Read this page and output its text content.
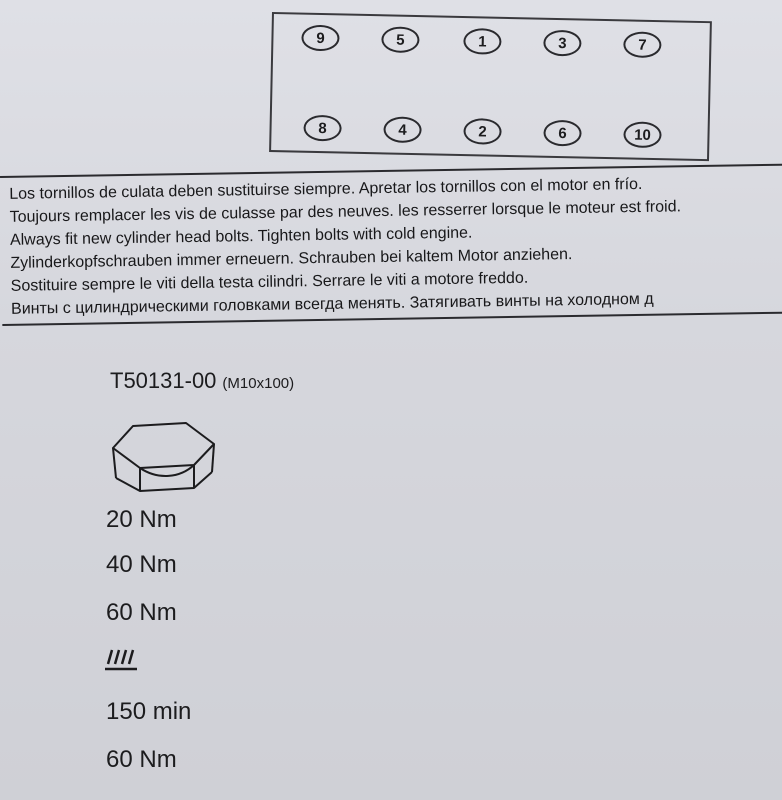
9	5	1	3	7
8	4	2	6	10
Los tornillos de culata deben sustituirse siempre. Apretar los tornillos con el motor en frío.
Toujours remplacer les vis de culasse par des neuves. les resserrer lorsque le moteur est froid.
Always fit new cylinder head bolts. Tighten bolts with cold engine.
Zylinderkopfschrauben immer erneuern. Schrauben bei kaltem Motor anziehen.
Sostituire sempre le viti della testa cilindri. Serrare le viti a motore freddo.
Винты с цилиндрическими головками всегда менять. Затягивать винты на холодном д
T50131-00 (M10x100)
20 Nm
40 Nm
60 Nm
150 min
60 Nm
